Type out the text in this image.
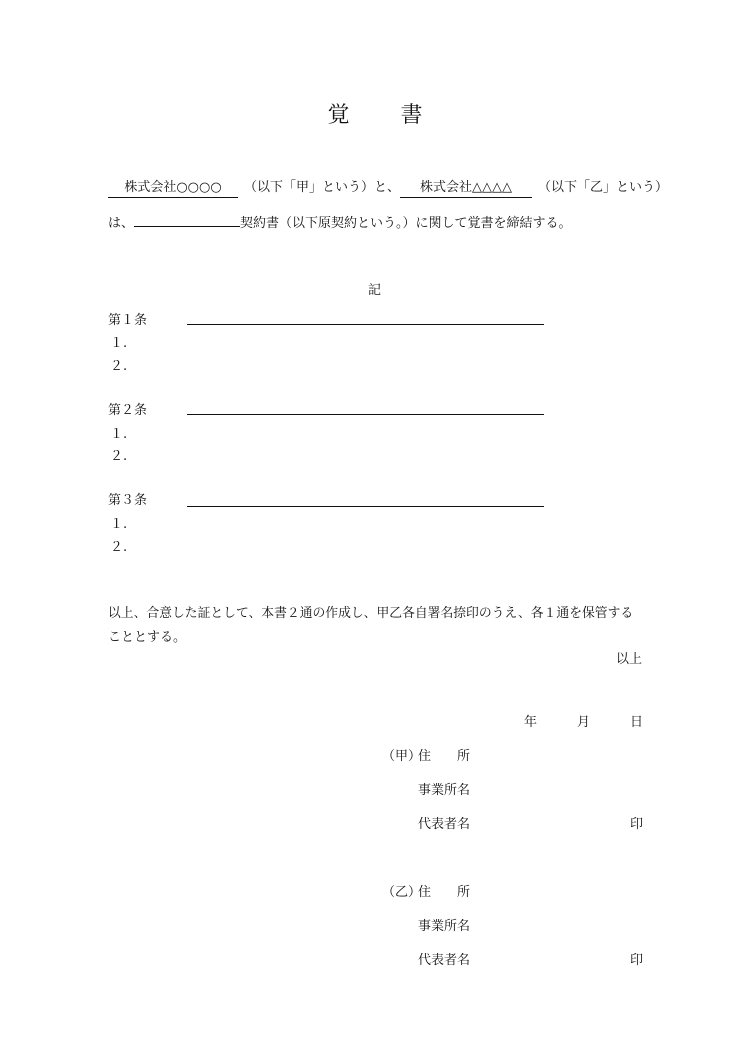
覚 書
株式会社○○○○ （以下「甲」という）と、 株式会社△△△△ （以下「乙」という）
は、	契約書（以下原契約という。）に関して覚書を締結する。
記
第１条
１.
２.
第２条
１.
２.
第３条
１.
２.
以上、合意した証として、本書２通の作成し、甲乙各自署名捺印のうえ、各１通を保管する
こととする。
以上
年	月	日
（甲）
住　　所
事業所名
代表者名	印
（乙）
住　　所
事業所名
代表者名	印
